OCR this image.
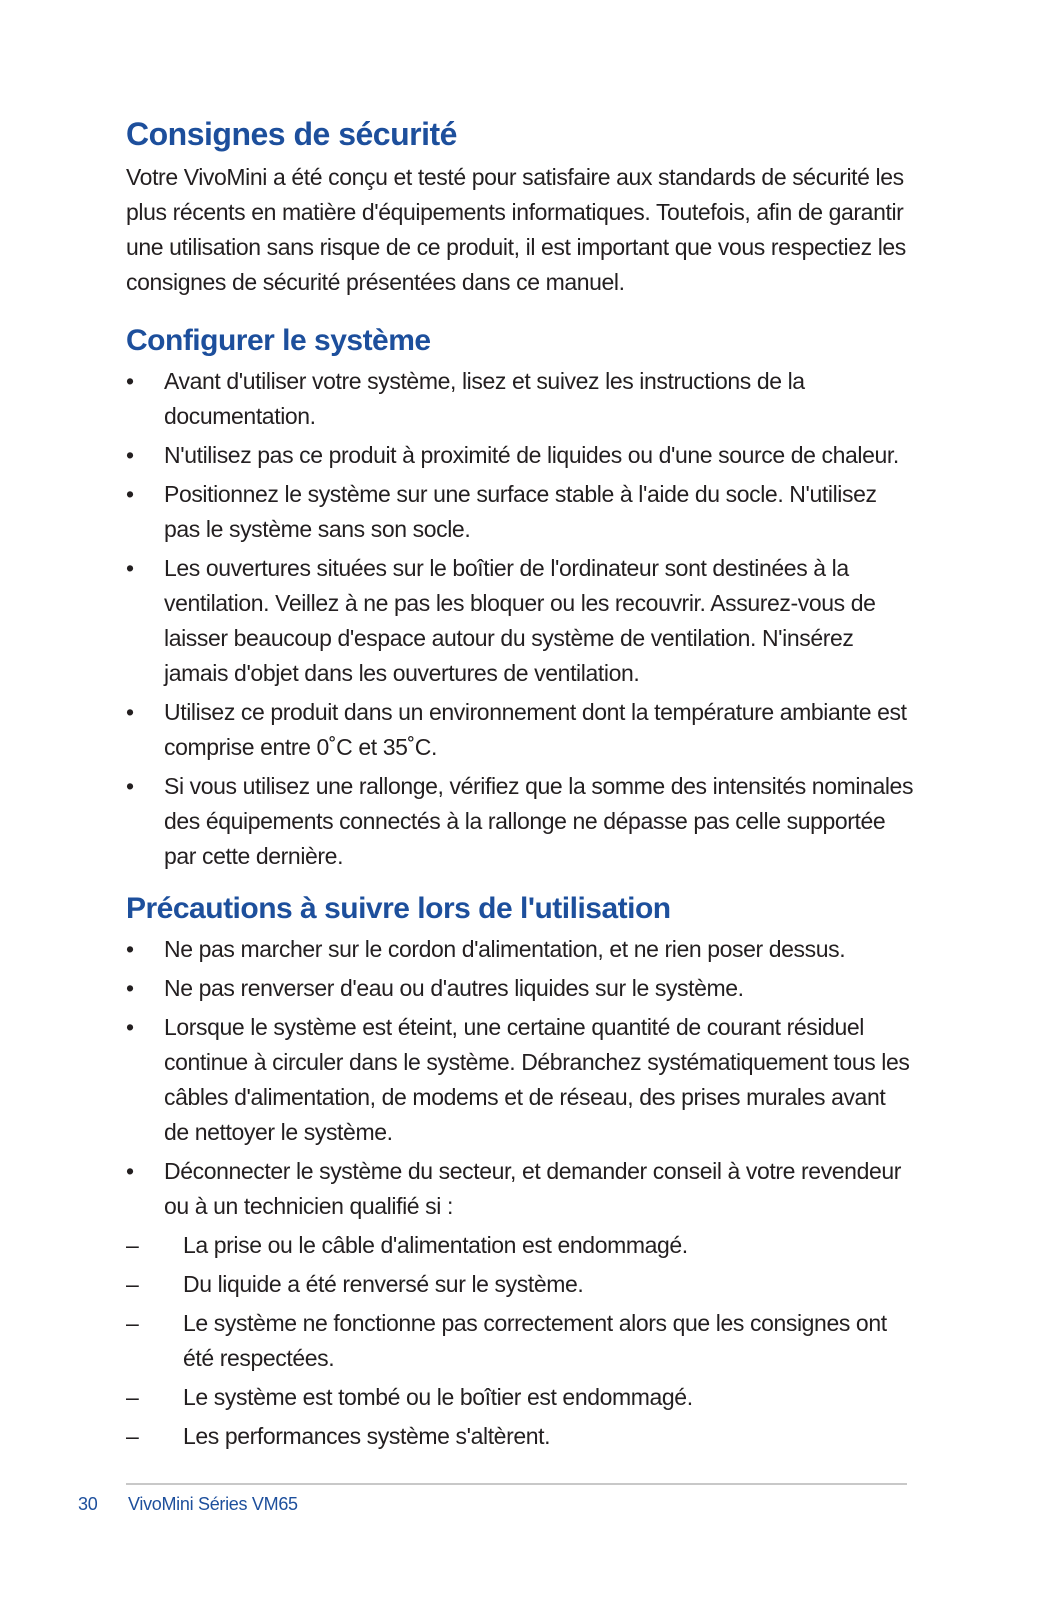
Consignes de sécurité

Votre VivoMini a été conçu et testé pour satisfaire aux standards de sécurité les plus récents en matière d'équipements informatiques. Toutefois, afin de garantir une utilisation sans risque de ce produit, il est important que vous respectiez les consignes de sécurité présentées dans ce manuel.

Configurer le système
• Avant d'utiliser votre système, lisez et suivez les instructions de la documentation.
• N'utilisez pas ce produit à proximité de liquides ou d'une source de chaleur.
• Positionnez le système sur une surface stable à l'aide du socle. N'utilisez pas le système sans son socle.
• Les ouvertures situées sur le boîtier de l'ordinateur sont destinées à la ventilation. Veillez à ne pas les bloquer ou les recouvrir. Assurez-vous de laisser beaucoup d'espace autour du système de ventilation. N'insérez jamais d'objet dans les ouvertures de ventilation.
• Utilisez ce produit dans un environnement dont la température ambiante est comprise entre 0˚C et 35˚C.
• Si vous utilisez une rallonge, vérifiez que la somme des intensités nominales des équipements connectés à la rallonge ne dépasse pas celle supportée par cette dernière.
Précautions à suivre lors de l'utilisation
• Ne pas marcher sur le cordon d'alimentation, et ne rien poser dessus.
• Ne pas renverser d'eau ou d'autres liquides sur le système.
• Lorsque le système est éteint, une certaine quantité de courant résiduel continue à circuler dans le système. Débranchez systématiquement tous les câbles d'alimentation, de modems et de réseau, des prises murales avant de nettoyer le système.
• Déconnecter le système du secteur, et demander conseil à votre revendeur ou à un technicien qualifié si :
– La prise ou le câble d'alimentation est endommagé.
– Du liquide a été renversé sur le système.
– Le système ne fonctionne pas correctement alors que les consignes ont été respectées.
– Le système est tombé ou le boîtier est endommagé.
– Les performances système s'altèrent.
30 VivoMini Séries VM65
